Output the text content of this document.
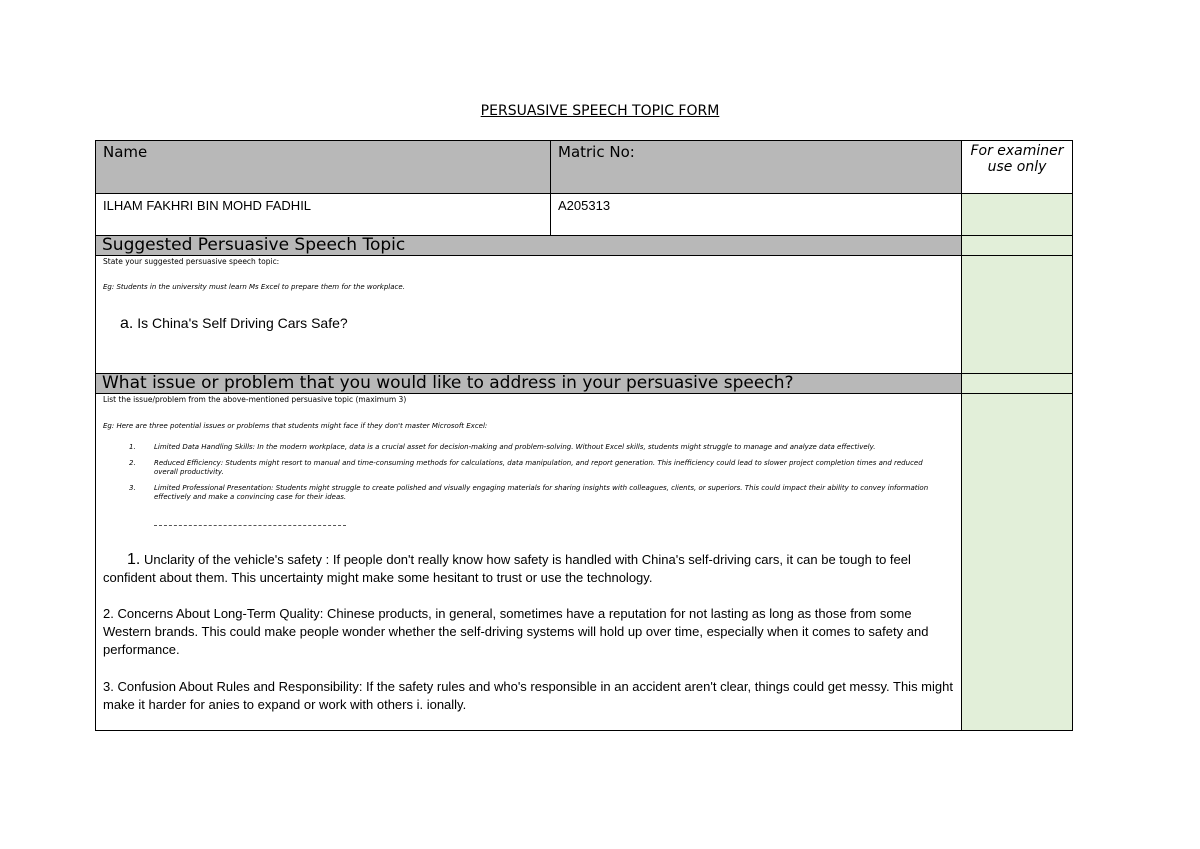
PERSUASIVE SPEECH TOPIC FORM
Name	Matric No:	For examiner use only
ILHAM FAKHRI BIN MOHD FADHIL	A205313
Suggested Persuasive Speech Topic
State your suggested persuasive speech topic:
Eg: Students in the university must learn Ms Excel to prepare them for the workplace.
a. Is China's Self Driving Cars Safe?
What issue or problem that you would like to address in your persuasive speech?
List the issue/problem from the above-mentioned persuasive topic (maximum 3)
Eg: Here are three potential issues or problems that students might face if they don't master Microsoft Excel:
1.	Limited Data Handling Skills: In the modern workplace, data is a crucial asset for decision-making and problem-solving. Without Excel skills, students might struggle to manage and analyze data effectively.
2.	Reduced Efficiency: Students might resort to manual and time-consuming methods for calculations, data manipulation, and report generation. This inefficiency could lead to slower project completion times and reduced overall productivity.
3.	Limited Professional Presentation: Students might struggle to create polished and visually engaging materials for sharing insights with colleagues, clients, or superiors. This could impact their ability to convey information effectively and make a convincing case for their ideas.
1. Unclarity of the vehicle's safety : If people don't really know how safety is handled with China's self-driving cars, it can be tough to feel confident about them. This uncertainty might make some hesitant to trust or use the technology.
2. Concerns About Long-Term Quality: Chinese products, in general, sometimes have a reputation for not lasting as long as those from some Western brands. This could make people wonder whether the self-driving systems will hold up over time, especially when it comes to safety and performance.
3. Confusion About Rules and Responsibility: If the safety rules and who's responsible in an accident aren't clear, things could get messy. This might make it harder for anies to expand or work with others i. ionally.
